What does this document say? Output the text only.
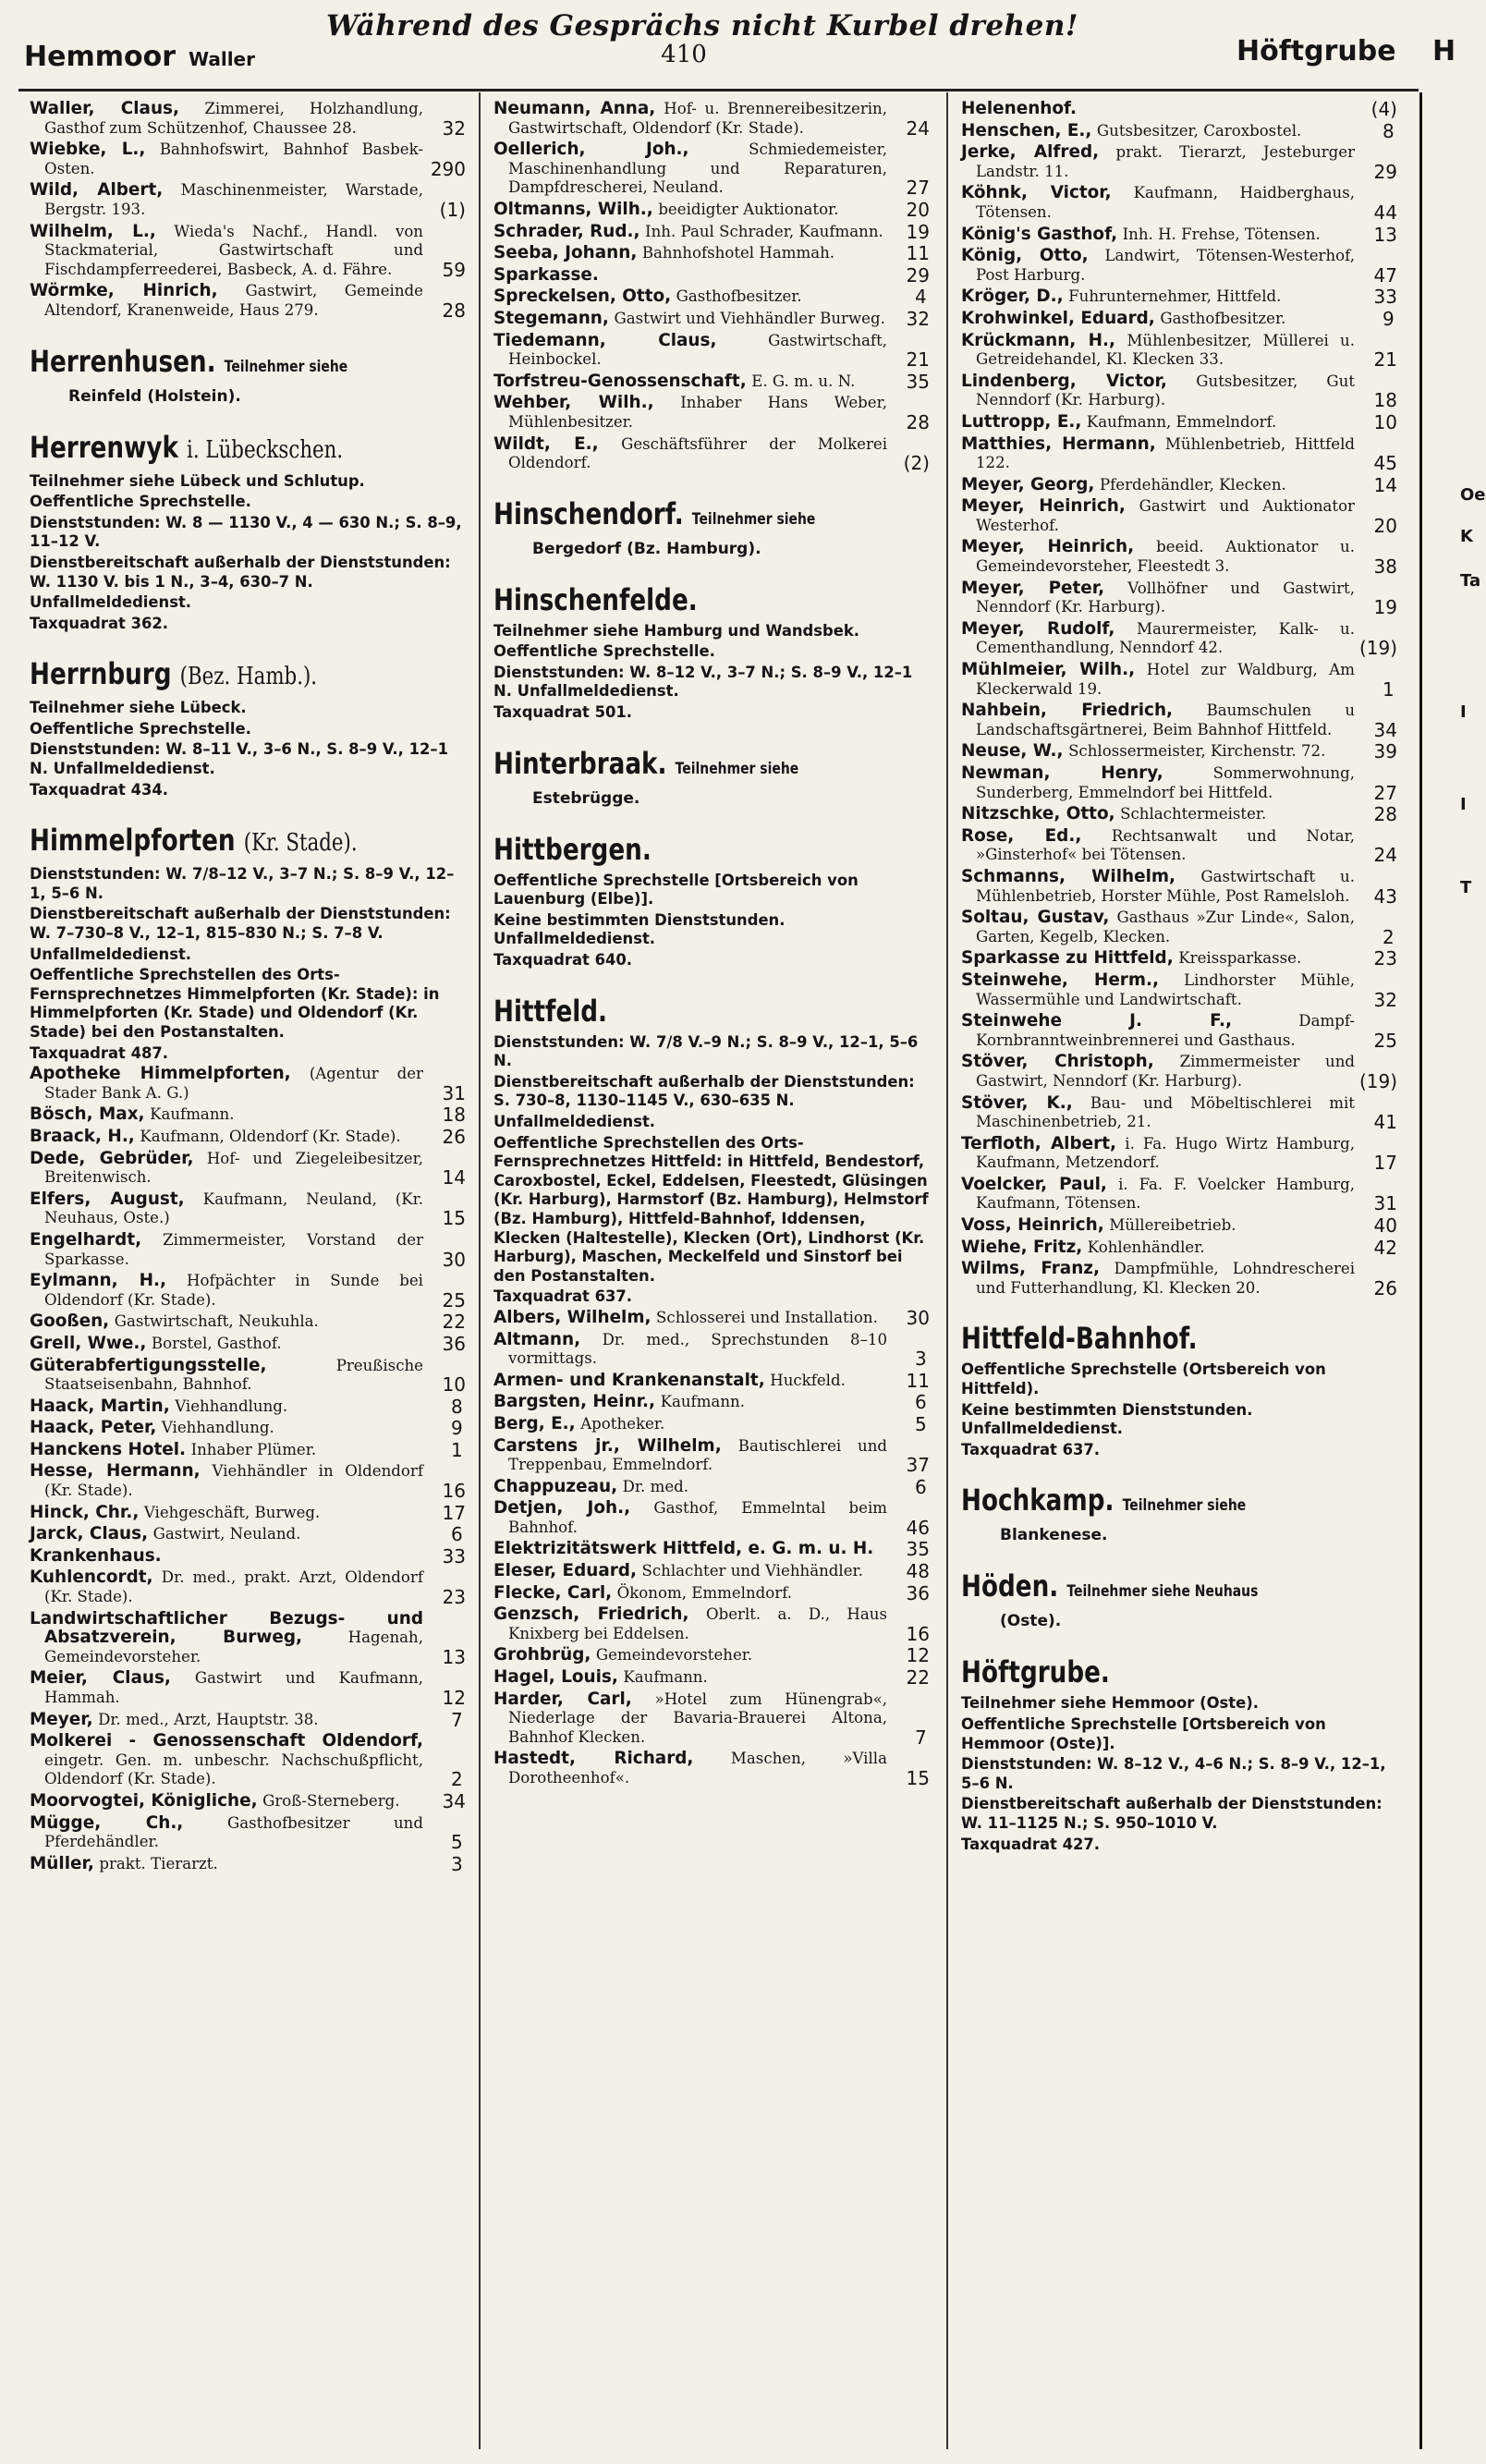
Während des Gesprächs nicht Kurbel drehen!
410
Hemmoor Waller	Höftgrube H
Waller, Claus, Zimmerei, Holzhandlung, Gasthof zum Schützenhof, Chaussee 28.	32
Wiebke, L., Bahnhofswirt, Bahnhof Basbek-Osten.	290
Wild, Albert, Maschinenmeister, Warstade, Bergstr. 193.	(1)
Wilhelm, L., Wieda's Nachf., Handl. von Stackmaterial, Gastwirtschaft und Fischdampferreederei, Basbeck, A. d. Fähre.	59
Wörmke, Hinrich, Gastwirt, Gemeinde Altendorf, Kranenweide, Haus 279.	28
Herrenhusen. Teilnehmer siehe
Reinfeld (Holstein).
Herrenwyk i. Lübeckschen.
Teilnehmer siehe Lübeck und Schlutup.
Oeffentliche Sprechstelle.
Dienststunden: W. 8 — 1130 V., 4 — 630 N.; S. 8–9, 11–12 V.
Dienstbereitschaft außerhalb der Dienststunden: W. 1130 V. bis 1 N., 3–4, 630–7 N.
Unfallmeldedienst.
Taxquadrat 362.
Herrnburg (Bez. Hamb.).
Teilnehmer siehe Lübeck.
Oeffentliche Sprechstelle.
Dienststunden: W. 8–11 V., 3–6 N., S. 8–9 V., 12–1 N. Unfallmeldedienst.
Taxquadrat 434.
Himmelpforten (Kr. Stade).
Dienststunden: W. 7/8–12 V., 3–7 N.; S. 8–9 V., 12–1, 5–6 N.
Dienstbereitschaft außerhalb der Dienststunden: W. 7–730–8 V., 12–1, 815–830 N.; S. 7–8 V.
Unfallmeldedienst.
Oeffentliche Sprechstellen des Orts-Fernsprechnetzes Himmelpforten (Kr. Stade): in Himmelpforten (Kr. Stade) und Oldendorf (Kr. Stade) bei den Postanstalten.
Taxquadrat 487.
Apotheke Himmelpforten, (Agentur der Stader Bank A. G.)	31
Bösch, Max, Kaufmann.	18
Braack, H., Kaufmann, Oldendorf (Kr. Stade). 26
Dede, Gebrüder, Hof- und Ziegeleibesitzer, Breitenwisch.	14
Elfers, August, Kaufmann, Neuland, (Kr. Neuhaus, Oste.)	15
Engelhardt, Zimmermeister, Vorstand der Sparkasse.	30
Eylmann, H., Hofpächter in Sunde bei Oldendorf (Kr. Stade).	25
Gooßen, Gastwirtschaft, Neukuhla.	22
Grell, Wwe., Borstel, Gasthof.	36
Güterabfertigungsstelle,	Preußische Staatseisenbahn, Bahnhof.	10
Haack, Martin, Viehhandlung.	8
Haack, Peter, Viehhandlung.	9
Hanckens Hotel. Inhaber Plümer.	1
Hesse, Hermann, Viehhändler in Oldendorf (Kr. Stade).	16
Hinck, Chr., Viehgeschäft, Burweg.	17
Jarck, Claus, Gastwirt, Neuland.	6
Krankenhaus.	33
Kuhlencordt, Dr. med., prakt. Arzt, Oldendorf (Kr. Stade).	23
Landwirtschaftlicher Bezugs- und Absatzverein, Burweg,	Hagenah, Gemeindevorsteher.	13
Meier, Claus, Gastwirt und Kaufmann, Hammah.	12
Meyer, Dr. med., Arzt, Hauptstr. 38.	7
Molkerei - Genossenschaft Oldendorf, eingetr. Gen. m. unbeschr. Nachschußpflicht, Oldendorf (Kr. Stade).	2
Moorvogtei, Königliche, Groß-Sterneberg. 34
Mügge, Ch.,	Gasthofbesitzer und Pferdehändler.	5
Müller, prakt. Tierarzt.	3
Neumann, Anna, Hof- u. Brennereibesitzerin, Gastwirtschaft, Oldendorf (Kr. Stade).	24
Oellerich, Joh.,	Schmiedemeister, Maschinenhandlung und Reparaturen, Dampfdrescherei, Neuland.	27
Oltmanns, Wilh., beeidigter Auktionator.	20
Schrader, Rud., Inh. Paul Schrader, Kaufmann. 19
Seeba, Johann, Bahnhofshotel Hammah.	11
Sparkasse.	29
Spreckelsen, Otto, Gasthofbesitzer.	4
Stegemann, Gastwirt und Viehhändler Burweg. 32
Tiedemann, Claus,	Gastwirtschaft, Heinbockel.	21
Torfstreu-Genossenschaft, E. G. m. u. N.	35
Wehber, Wilh., Inhaber Hans Weber, Mühlenbesitzer.	28
Wildt, E., Geschäftsführer der Molkerei Oldendorf.	(2)
Hinschendorf. Teilnehmer siehe
Bergedorf (Bz. Hamburg).
Hinschenfelde.
Teilnehmer siehe Hamburg und Wandsbek.
Oeffentliche Sprechstelle.
Dienststunden: W. 8–12 V., 3–7 N.; S. 8–9 V., 12–1 N. Unfallmeldedienst.
Taxquadrat 501.
Hinterbraak. Teilnehmer siehe
Estebrügge.
Hittbergen.
Oeffentliche Sprechstelle [Ortsbereich von Lauenburg (Elbe)].
Keine bestimmten Dienststunden. Unfallmeldedienst.
Taxquadrat 640.
Hittfeld.
Dienststunden: W. 7/8 V.–9 N.; S. 8–9 V., 12–1, 5–6 N.
Dienstbereitschaft außerhalb der Dienststunden: S. 730–8, 1130–1145 V., 630–635 N.
Unfallmeldedienst.
Oeffentliche Sprechstellen des Orts-Fernsprechnetzes Hittfeld: in Hittfeld, Bendestorf, Caroxbostel, Eckel, Eddelsen, Fleestedt, Glüsingen (Kr. Harburg), Harmstorf (Bz. Hamburg), Helmstorf (Bz. Hamburg), Hittfeld-Bahnhof, Iddensen, Klecken (Haltestelle), Klecken (Ort), Lindhorst (Kr. Harburg), Maschen, Meckelfeld und Sinstorf bei den Postanstalten.
Taxquadrat 637.
Albers, Wilhelm, Schlosserei und Installation. 30
Altmann, Dr. med., Sprechstunden 8–10 vormittags.	3
Armen- und Krankenanstalt, Huckfeld.	11
Bargsten, Heinr., Kaufmann.	6
Berg, E., Apotheker.	5
Carstens jr., Wilhelm, Bautischlerei und Treppenbau, Emmelndorf.	37
Chappuzeau, Dr. med.	6
Detjen, Joh., Gasthof, Emmelntal beim Bahnhof.	46
Elektrizitätswerk Hittfeld, e. G. m. u. H. 35
Eleser, Eduard, Schlachter und Viehhändler. 48
Flecke, Carl, Ökonom, Emmelndorf.	36
Genzsch, Friedrich, Oberlt. a. D., Haus Knixberg bei Eddelsen.	16
Grohbrüg, Gemeindevorsteher.	12
Hagel, Louis, Kaufmann.	22
Harder, Carl, »Hotel zum Hünengrab«, Niederlage der Bavaria-Brauerei Altona, Bahnhof Klecken.	7
Hastedt, Richard, Maschen, »Villa Dorotheenhof«.	15
Helenenhof.	(4)
Henschen, E., Gutsbesitzer, Caroxbostel.	8
Jerke, Alfred, prakt. Tierarzt, Jesteburger Landstr. 11.	29
Köhnk, Victor, Kaufmann, Haidberghaus, Tötensen.	44
König's Gasthof, Inh. H. Frehse, Tötensen.	13
König, Otto, Landwirt, Tötensen-Westerhof, Post Harburg.	47
Kröger, D., Fuhrunternehmer, Hittfeld.	33
Krohwinkel, Eduard, Gasthofbesitzer.	9
Krückmann, H., Mühlenbesitzer, Müllerei u. Getreidehandel, Kl. Klecken 33.	21
Lindenberg, Victor, Gutsbesitzer, Gut Nenndorf (Kr. Harburg).	18
Luttropp, E., Kaufmann, Emmelndorf.	10
Matthies, Hermann, Mühlenbetrieb, Hittfeld 122.	45
Meyer, Georg, Pferdehändler, Klecken.	14
Meyer, Heinrich, Gastwirt und Auktionator Westerhof.	20
Meyer, Heinrich, beeid. Auktionator u. Gemeindevorsteher, Fleestedt 3.	38
Meyer, Peter, Vollhöfner und Gastwirt, Nenndorf (Kr. Harburg).	19
Meyer, Rudolf, Maurermeister, Kalk- u. Cementhandlung, Nenndorf 42.	(19)
Mühlmeier, Wilh., Hotel zur Waldburg, Am Kleckerwald 19.	1
Nahbein, Friedrich, Baumschulen u Landschaftsgärtnerei, Beim Bahnhof Hittfeld. 34
Neuse, W., Schlossermeister, Kirchenstr. 72.	39
Newman, Henry,	Sommerwohnung, Sunderberg, Emmelndorf bei Hittfeld.	27
Nitzschke, Otto, Schlachtermeister.	28
Rose, Ed., Rechtsanwalt und Notar, »Ginsterhof« bei Tötensen.	24
Schmanns, Wilhelm, Gastwirtschaft u. Mühlenbetrieb, Horster Mühle, Post Ramelsloh. 43
Soltau, Gustav, Gasthaus »Zur Linde«, Salon, Garten, Kegelb, Klecken.	2
Sparkasse zu Hittfeld, Kreissparkasse.	23
Steinwehe, Herm., Lindhorster Mühle, Wassermühle und Landwirtschaft.	32
Steinwehe J. F.,	Dampf-Kornbranntweinbrennerei und Gasthaus.	25
Stöver, Christoph, Zimmermeister und Gastwirt, Nenndorf (Kr. Harburg).	(19)
Stöver, K., Bau- und Möbeltischlerei mit Maschinenbetrieb, 21.	41
Terfloth, Albert, i. Fa. Hugo Wirtz Hamburg, Kaufmann, Metzendorf.	17
Voelcker, Paul, i. Fa. F. Voelcker Hamburg, Kaufmann, Tötensen.	31
Voss, Heinrich, Müllereibetrieb.	40
Wiehe, Fritz, Kohlenhändler.	42
Wilms, Franz, Dampfmühle, Lohndrescherei und Futterhandlung, Kl. Klecken 20.	26
Hittfeld-Bahnhof.
Oeffentliche Sprechstelle (Ortsbereich von Hittfeld).
Keine bestimmten Dienststunden. Unfallmeldedienst.
Taxquadrat 637.
Hochkamp. Teilnehmer siehe
Blankenese.
Höden. Teilnehmer siehe Neuhaus
(Oste).
Höftgrube.
Teilnehmer siehe Hemmoor (Oste).
Oeffentliche Sprechstelle [Ortsbereich von Hemmoor (Oste)].
Dienststunden: W. 8–12 V., 4–6 N.; S. 8–9 V., 12–1, 5–6 N.
Dienstbereitschaft außerhalb der Dienststunden: W. 11–1125 N.; S. 950–1010 V.
Taxquadrat 427.
Oe
K
Ta
I
I
T
